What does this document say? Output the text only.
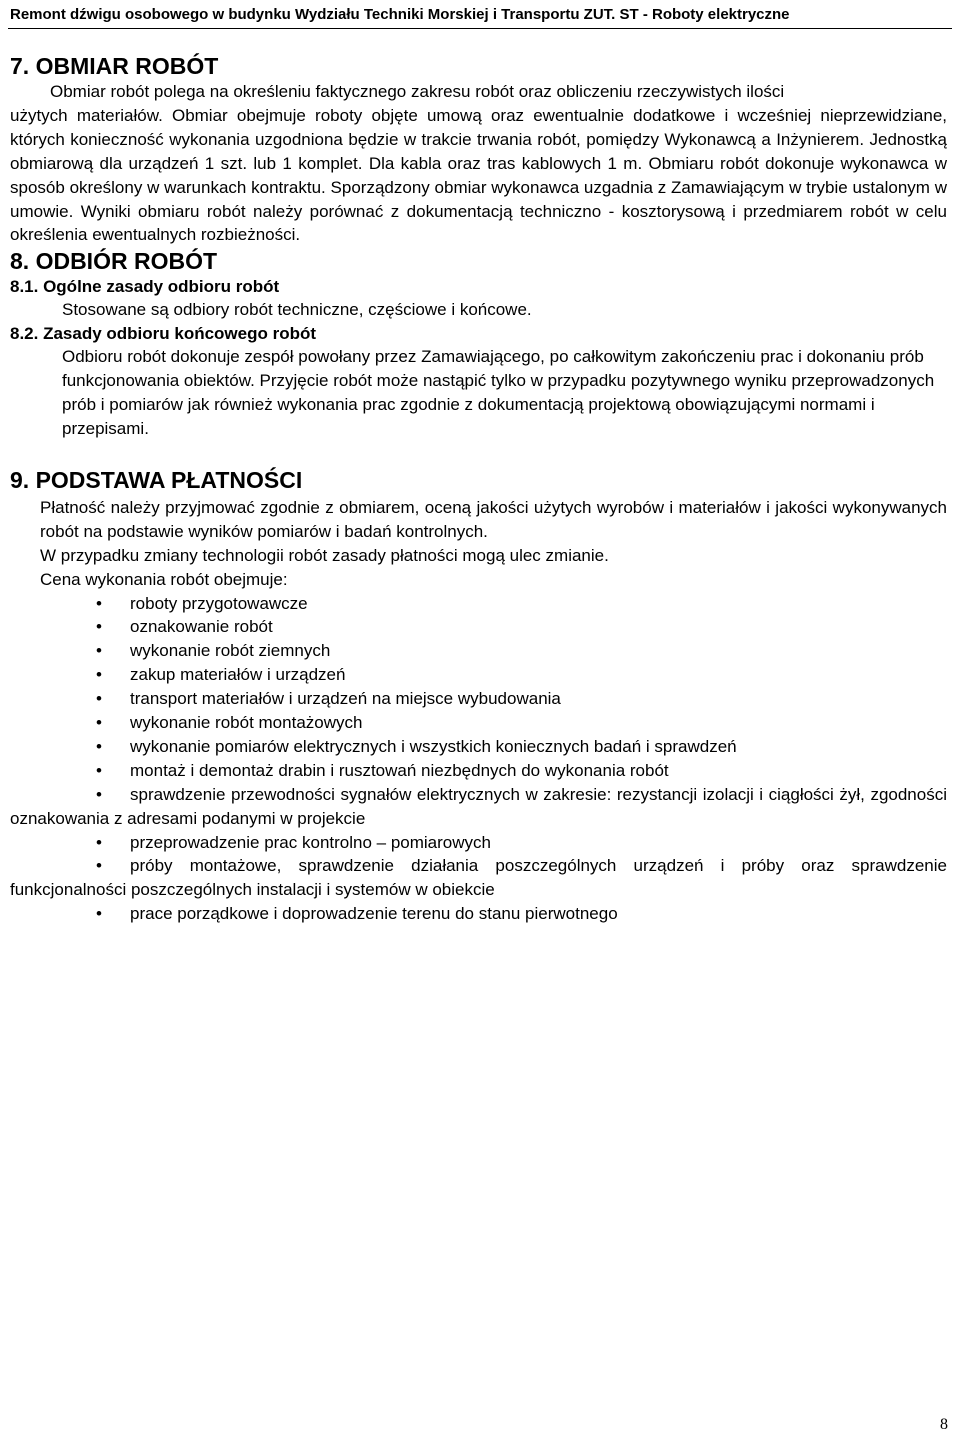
Remont dźwigu osobowego w budynku Wydziału Techniki Morskiej i Transportu ZUT. ST - Roboty elektryczne
7. OBMIAR ROBÓT

Obmiar robót polega na określeniu faktycznego zakresu robót oraz obliczeniu rzeczywistych ilości

użytych materiałów. Obmiar obejmuje roboty objęte umową oraz ewentualnie dodatkowe i wcześniej nieprzewidziane, których konieczność wykonania uzgodniona będzie w trakcie trwania robót, pomiędzy Wykonawcą a Inżynierem. Jednostką obmiarową dla urządzeń 1 szt. lub 1 komplet. Dla kabla oraz tras kablowych 1 m. Obmiaru robót dokonuje wykonawca w sposób określony w warunkach kontraktu. Sporządzony obmiar wykonawca uzgadnia z Zamawiającym w trybie ustalonym w umowie. Wyniki obmiaru robót należy porównać z dokumentacją techniczno - kosztorysową i przedmiarem robót w celu określenia ewentualnych rozbieżności.

8. ODBIÓR ROBÓT
8.1. Ogólne zasady odbioru robót

Stosowane są odbiory robót techniczne, częściowe i końcowe.

8.2. Zasady odbioru końcowego robót

Odbioru robót dokonuje zespół powołany przez Zamawiającego, po całkowitym zakończeniu prac i dokonaniu prób funkcjonowania obiektów. Przyjęcie robót może nastąpić tylko w przypadku pozytywnego wyniku przeprowadzonych prób i pomiarów jak również wykonania prac zgodnie z dokumentacją projektową obowiązującymi normami i przepisami.

9. PODSTAWA PŁATNOŚCI

Płatność należy przyjmować zgodnie z obmiarem, oceną jakości użytych wyrobów i materiałów i jakości wykonywanych robót na podstawie wyników pomiarów i badań kontrolnych.

W przypadku zmiany technologii robót zasady płatności mogą ulec zmianie.

Cena wykonania robót obejmuje:

• roboty przygotowawcze
• oznakowanie robót
• wykonanie robót ziemnych
• zakup materiałów i urządzeń
• transport materiałów i urządzeń na miejsce wybudowania
• wykonanie robót montażowych
• wykonanie pomiarów elektrycznych i wszystkich koniecznych badań i sprawdzeń
• montaż i demontaż drabin i rusztowań niezbędnych do wykonania robót
• sprawdzenie przewodności sygnałów elektrycznych w zakresie: rezystancji izolacji i ciągłości żył, zgodności oznakowania z adresami podanymi w projekcie
• przeprowadzenie prac kontrolno – pomiarowych
• próby montażowe, sprawdzenie działania poszczególnych urządzeń i próby oraz sprawdzenie funkcjonalności poszczególnych instalacji i systemów w obiekcie
• prace porządkowe i doprowadzenie terenu do stanu pierwotnego
8
